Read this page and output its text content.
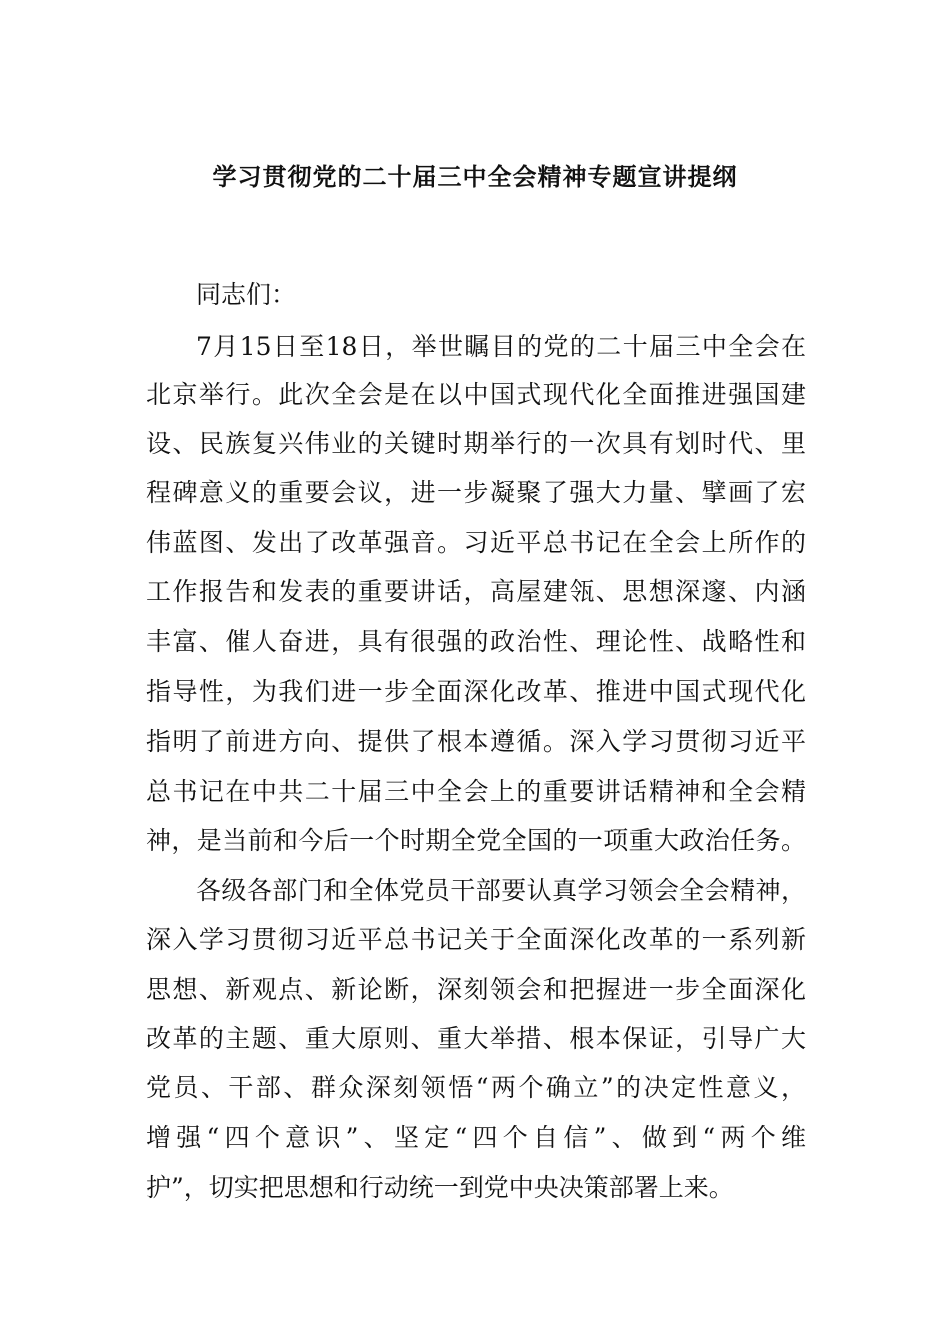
学习贯彻党的二十届三中全会精神专题宣讲提纲

同志们：

7月15日至18日，举世瞩目的党的二十届三中全会在

北京举行。此次全会是在以中国式现代化全面推进强国建

设、民族复兴伟业的关键时期举行的一次具有划时代、里

程碑意义的重要会议，进一步凝聚了强大力量、擘画了宏

伟蓝图、发出了改革强音。习近平总书记在全会上所作的

工作报告和发表的重要讲话，高屋建瓴、思想深邃、内涵

丰富、催人奋进，具有很强的政治性、理论性、战略性和

指导性，为我们进一步全面深化改革、推进中国式现代化

指明了前进方向、提供了根本遵循。深入学习贯彻习近平

总书记在中共二十届三中全会上的重要讲话精神和全会精

神，是当前和今后一个时期全党全国的一项重大政治任务。

各级各部门和全体党员干部要认真学习领会全会精神，

深入学习贯彻习近平总书记关于全面深化改革的一系列新

思想、新观点、新论断，深刻领会和把握进一步全面深化

改革的主题、重大原则、重大举措、根本保证，引导广大

党员、干部、群众深刻领悟“两个确立”的决定性意义，

增强“四个意识”、坚定“四个自信”、做到“两个维

护”，切实把思想和行动统一到党中央决策部署上来。
